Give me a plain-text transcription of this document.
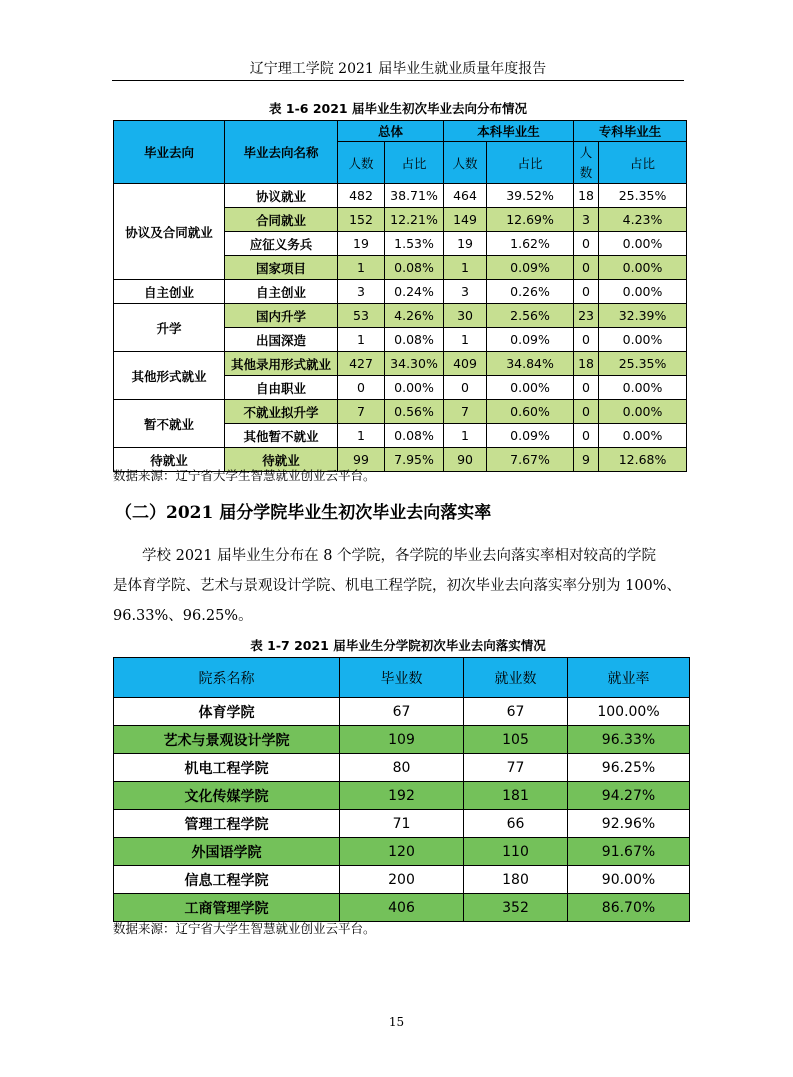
辽宁理工学院 2021 届毕业生就业质量年度报告
表 1-6 2021 届毕业生初次毕业去向分布情况
毕业去向	毕业去向名称	总体		本科毕业生		专科毕业生	
		人数	占比	人数	占比	人数	占比
协议及合同就业	协议就业	482	38.71%	464	39.52%	18	25.35%
	合同就业	152	12.21%	149	12.69%	3	4.23%
	应征义务兵	19	1.53%	19	1.62%	0	0.00%
	国家项目	1	0.08%	1	0.09%	0	0.00%
自主创业	自主创业	3	0.24%	3	0.26%	0	0.00%
升学	国内升学	53	4.26%	30	2.56%	23	32.39%
	出国深造	1	0.08%	1	0.09%	0	0.00%
其他形式就业	其他录用形式就业	427	34.30%	409	34.84%	18	25.35%
	自由职业	0	0.00%	0	0.00%	0	0.00%
暂不就业	不就业拟升学	7	0.56%	7	0.60%	0	0.00%
	其他暂不就业	1	0.08%	1	0.09%	0	0.00%
待就业	待就业	99	7.95%	90	7.67%	9	12.68%
数据来源：辽宁省大学生智慧就业创业云平台。
（二）2021 届分学院毕业生初次毕业去向落实率
学校 2021 届毕业生分布在 8 个学院，各学院的毕业去向落实率相对较高的学院
是体育学院、艺术与景观设计学院、机电工程学院，初次毕业去向落实率分别为 100%、
96.33%、96.25%。
表 1-7 2021 届毕业生分学院初次毕业去向落实情况
院系名称	毕业数	就业数	就业率
体育学院	67	67	100.00%
艺术与景观设计学院	109	105	96.33%
机电工程学院	80	77	96.25%
文化传媒学院	192	181	94.27%
管理工程学院	71	66	92.96%
外国语学院	120	110	91.67%
信息工程学院	200	180	90.00%
工商管理学院	406	352	86.70%
数据来源：辽宁省大学生智慧就业创业云平台。
15
